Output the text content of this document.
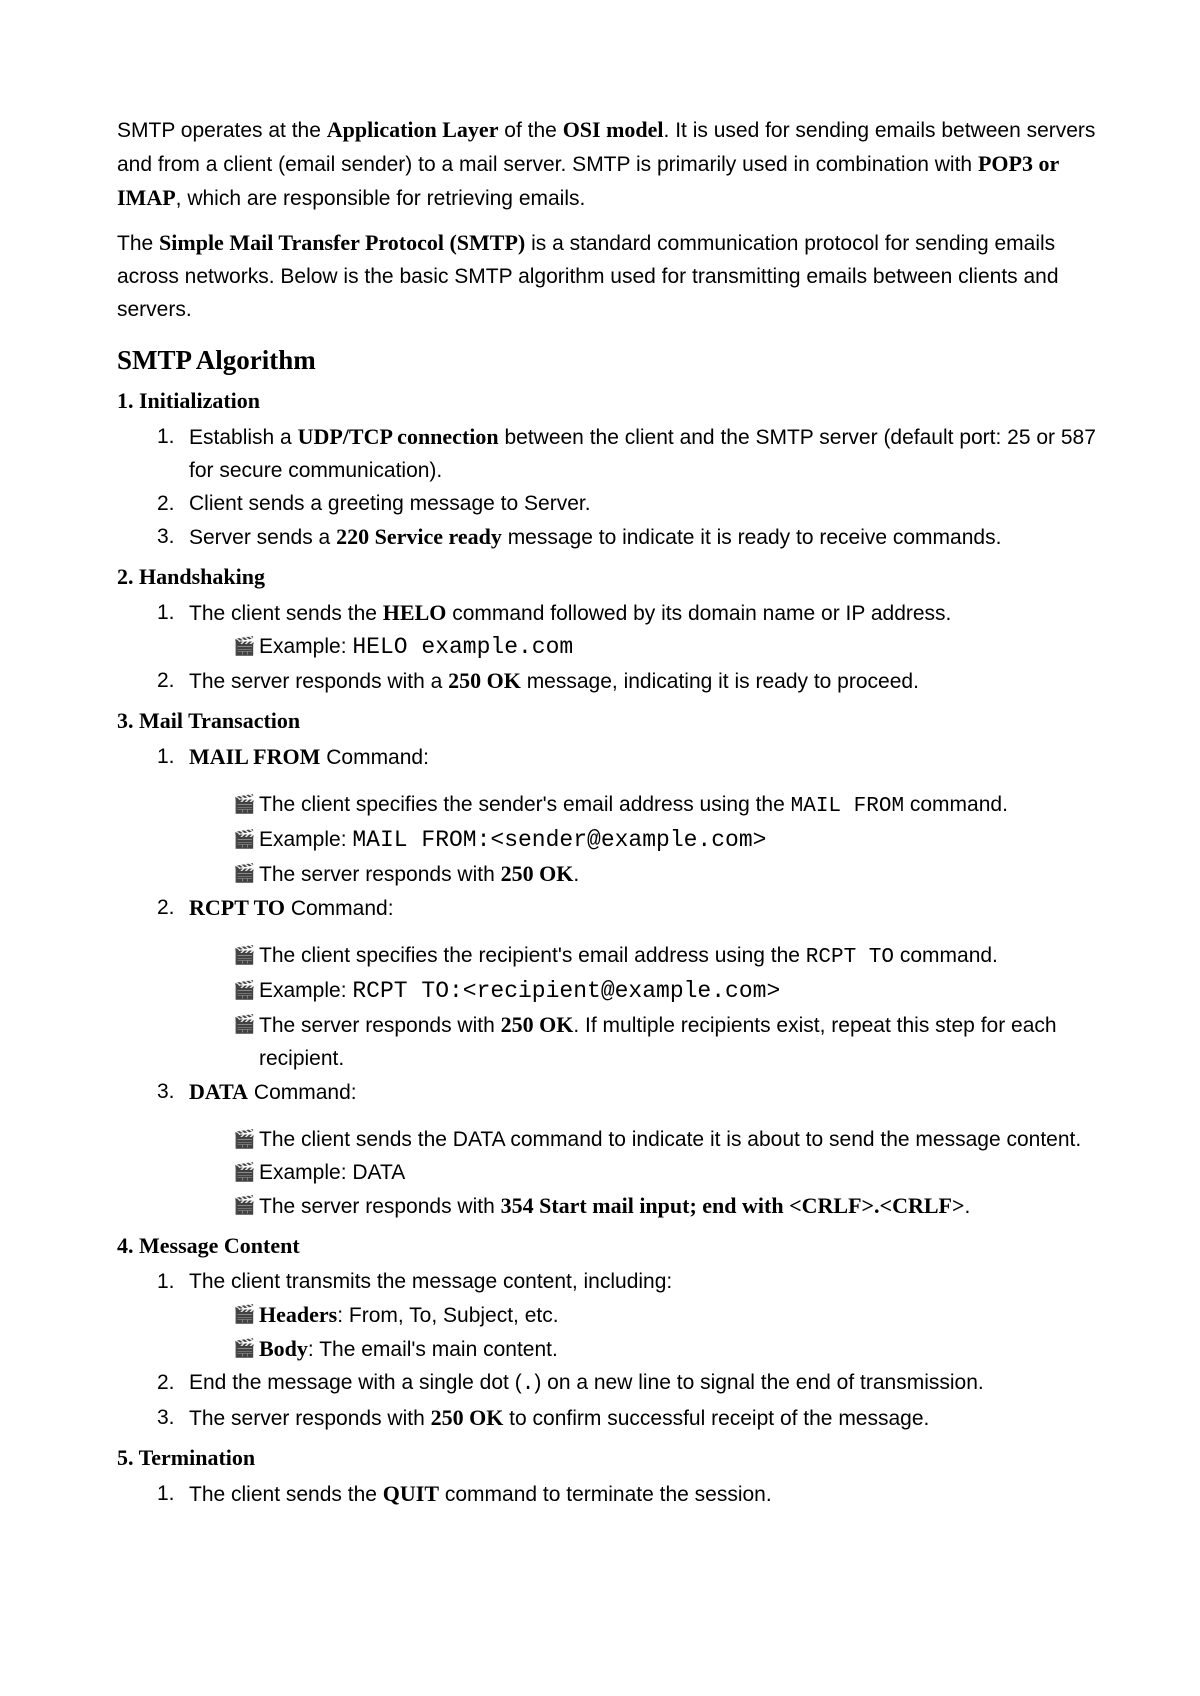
SMTP operates at the Application Layer of the OSI model. It is used for sending emails between servers and from a client (email sender) to a mail server. SMTP is primarily used in combination with POP3 or IMAP, which are responsible for retrieving emails.

The Simple Mail Transfer Protocol (SMTP) is a standard communication protocol for sending emails across networks. Below is the basic SMTP algorithm used for transmitting emails between clients and servers.

SMTP Algorithm
1. Initialization
1. Establish a UDP/TCP connection between the client and the SMTP server (default port: 25 or 587 for secure communication).
2. Client sends a greeting message to Server.
3. Server sends a 220 Service ready message to indicate it is ready to receive commands.
2. Handshaking
1. The client sends the HELO command followed by its domain name or IP address.
🎬 Example: HELO example.com
2. The server responds with a 250 OK message, indicating it is ready to proceed.
3. Mail Transaction
1. MAIL FROM Command:
🎬 The client specifies the sender's email address using the MAIL FROM command.
🎬 Example: MAIL FROM:<sender@example.com>
🎬 The server responds with 250 OK.
2. RCPT TO Command:
🎬 The client specifies the recipient's email address using the RCPT TO command.
🎬 Example: RCPT TO:<recipient@example.com>
🎬 The server responds with 250 OK. If multiple recipients exist, repeat this step for each recipient.
3. DATA Command:
🎬 The client sends the DATA command to indicate it is about to send the message content.
🎬 Example: DATA
🎬 The server responds with 354 Start mail input; end with <CRLF>.<CRLF>.
4. Message Content
1. The client transmits the message content, including:
🎬 Headers: From, To, Subject, etc.
🎬 Body: The email's main content.
2. End the message with a single dot (.) on a new line to signal the end of transmission.
3. The server responds with 250 OK to confirm successful receipt of the message.
5. Termination
1. The client sends the QUIT command to terminate the session.
